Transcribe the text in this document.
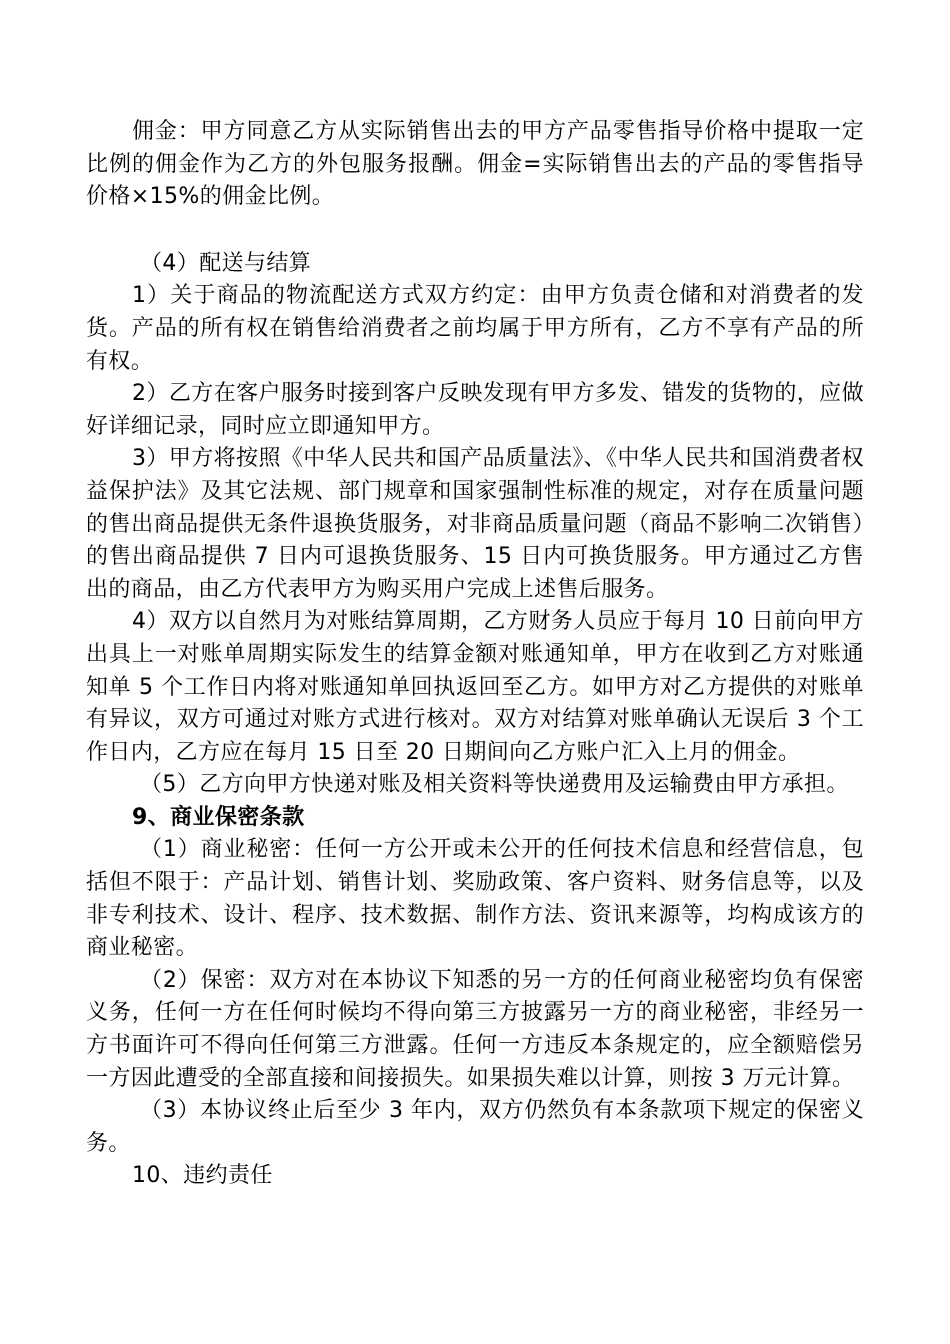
佣金：甲方同意乙方从实际销售出去的甲方产品零售指导价格中提取一定比例的佣金作为乙方的外包服务报酬。佣金=实际销售出去的产品的零售指导价格×15%的佣金比例。

（4）配送与结算

1）关于商品的物流配送方式双方约定：由甲方负责仓储和对消费者的发货。产品的所有权在销售给消费者之前均属于甲方所有，乙方不享有产品的所有权。

2）乙方在客户服务时接到客户反映发现有甲方多发、错发的货物的，应做好详细记录，同时应立即通知甲方。

3）甲方将按照《中华人民共和国产品质量法》、《中华人民共和国消费者权益保护法》及其它法规、部门规章和国家强制性标准的规定，对存在质量问题的售出商品提供无条件退换货服务，对非商品质量问题（商品不影响二次销售）的售出商品提供 7 日内可退换货服务、15 日内可换货服务。甲方通过乙方售出的商品，由乙方代表甲方为购买用户完成上述售后服务。

4）双方以自然月为对账结算周期，乙方财务人员应于每月 10 日前向甲方出具上一对账单周期实际发生的结算金额对账通知单，甲方在收到乙方对账通知单 5 个工作日内将对账通知单回执返回至乙方。如甲方对乙方提供的对账单有异议，双方可通过对账方式进行核对。双方对结算对账单确认无误后 3 个工作日内，乙方应在每月 15 日至 20 日期间向乙方账户汇入上月的佣金。

（5）乙方向甲方快递对账及相关资料等快递费用及运输费由甲方承担。

9、商业保密条款

（1）商业秘密：任何一方公开或未公开的任何技术信息和经营信息，包括但不限于：产品计划、销售计划、奖励政策、客户资料、财务信息等，以及非专利技术、设计、程序、技术数据、制作方法、资讯来源等，均构成该方的商业秘密。

（2）保密：双方对在本协议下知悉的另一方的任何商业秘密均负有保密义务，任何一方在任何时候均不得向第三方披露另一方的商业秘密，非经另一方书面许可不得向任何第三方泄露。任何一方违反本条规定的，应全额赔偿另一方因此遭受的全部直接和间接损失。如果损失难以计算，则按 3 万元计算。

（3）本协议终止后至少 3 年内，双方仍然负有本条款项下规定的保密义务。

10、违约责任
